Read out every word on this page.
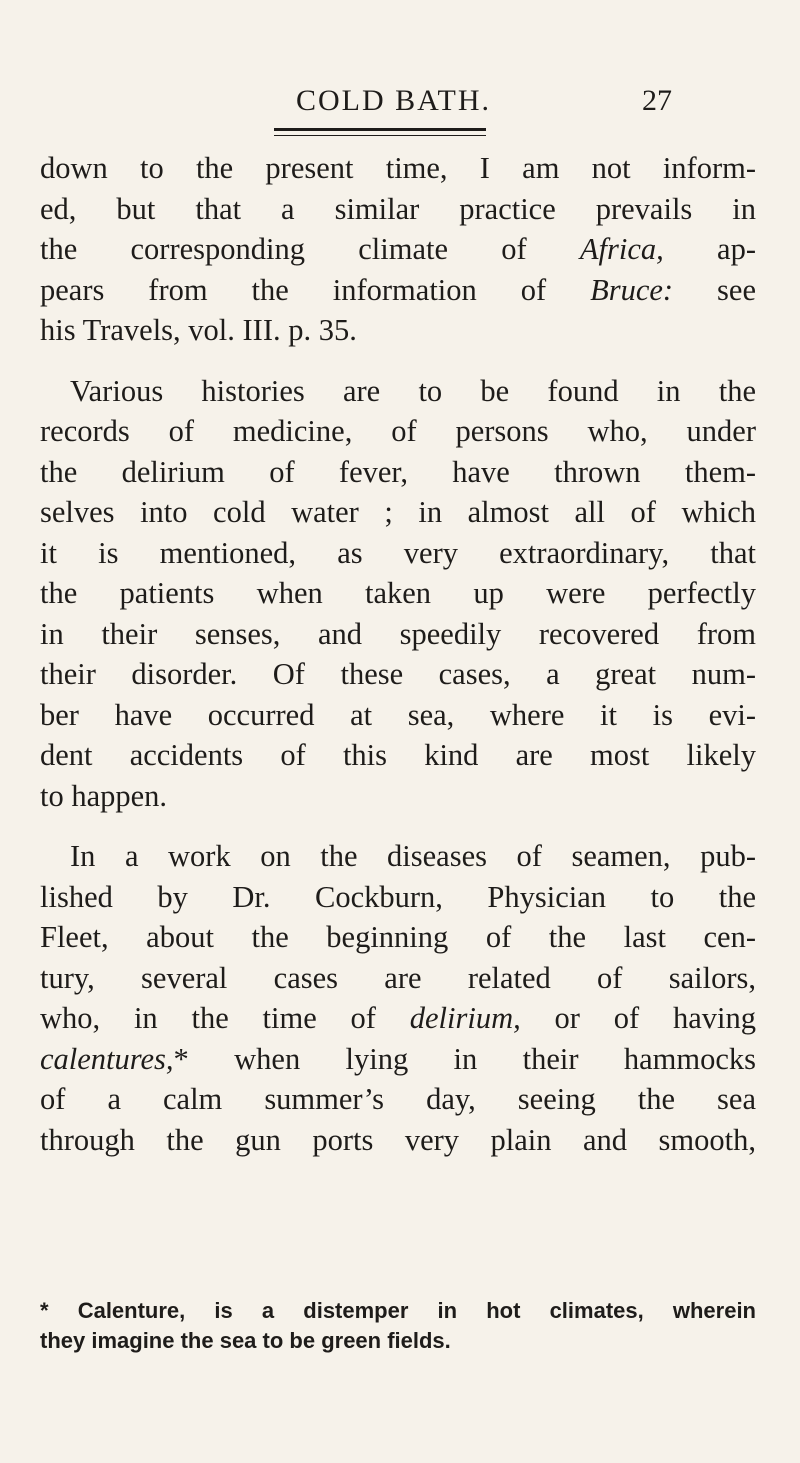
COLD BATH.	27
down to the present time, I am not inform-
ed, but that a similar practice prevails in
the corresponding climate of Africa, ap-
pears from the information of Bruce: see
his Travels, vol. III. p. 35.
Various histories are to be found in the
records of medicine, of persons who, under
the delirium of fever, have thrown them-
selves into cold water ; in almost all of which
it is mentioned, as very extraordinary, that
the patients when taken up were perfectly
in their senses, and speedily recovered from
their disorder. Of these cases, a great num-
ber have occurred at sea, where it is evi-
dent accidents of this kind are most likely
to happen.
In a work on the diseases of seamen, pub-
lished by Dr. Cockburn, Physician to the
Fleet, about the beginning of the last cen-
tury, several cases are related of sailors,
who, in the time of delirium, or of having
calentures,* when lying in their hammocks
of a calm summer’s day, seeing the sea
through the gun ports very plain and smooth,
* Calenture, is a distemper in hot climates, wherein
they imagine the sea to be green fields.
